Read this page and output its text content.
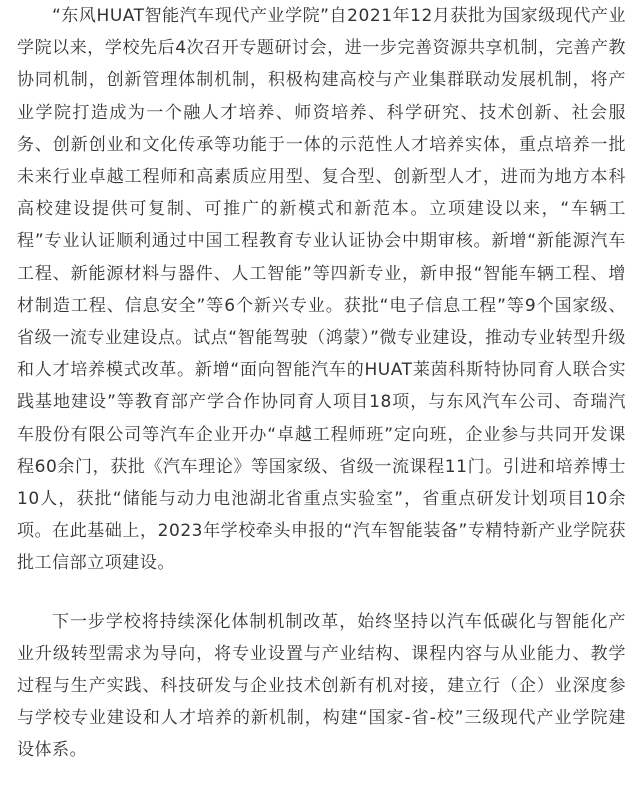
“东风HUAT智能汽车现代产业学院”自2021年12月获批为国家级现代产业学院以来，学校先后4次召开专题研讨会，进一步完善资源共享机制，完善产教协同机制，创新管理体制机制，积极构建高校与产业集群联动发展机制，将产业学院打造成为一个融人才培养、师资培养、科学研究、技术创新、社会服务、创新创业和文化传承等功能于一体的示范性人才培养实体，重点培养一批未来行业卓越工程师和高素质应用型、复合型、创新型人才，进而为地方本科高校建设提供可复制、可推广的新模式和新范本。立项建设以来，“车辆工程”专业认证顺利通过中国工程教育专业认证协会中期审核。新增“新能源汽车工程、新能源材料与器件、人工智能”等四新专业，新申报“智能车辆工程、增材制造工程、信息安全”等6个新兴专业。获批“电子信息工程”等9个国家级、省级一流专业建设点。试点“智能驾驶（鸿蒙）”微专业建设，推动专业转型升级和人才培养模式改革。新增“面向智能汽车的HUAT莱茵科斯特协同育人联合实践基地建设”等教育部产学合作协同育人项目18项，与东风汽车公司、奇瑞汽车股份有限公司等汽车企业开办“卓越工程师班”定向班，企业参与共同开发课程60余门，获批《汽车理论》等国家级、省级一流课程11门。引进和培养博士10人，获批“储能与动力电池湖北省重点实验室”，省重点研发计划项目10余项。在此基础上，2023年学校牵头申报的“汽车智能装备”专精特新产业学院获批工信部立项建设。

下一步学校将持续深化体制机制改革，始终坚持以汽车低碳化与智能化产业升级转型需求为导向，将专业设置与产业结构、课程内容与从业能力、教学过程与生产实践、科技研发与企业技术创新有机对接，建立行（企）业深度参与学校专业建设和人才培养的新机制，构建“国家-省-校”三级现代产业学院建设体系。
